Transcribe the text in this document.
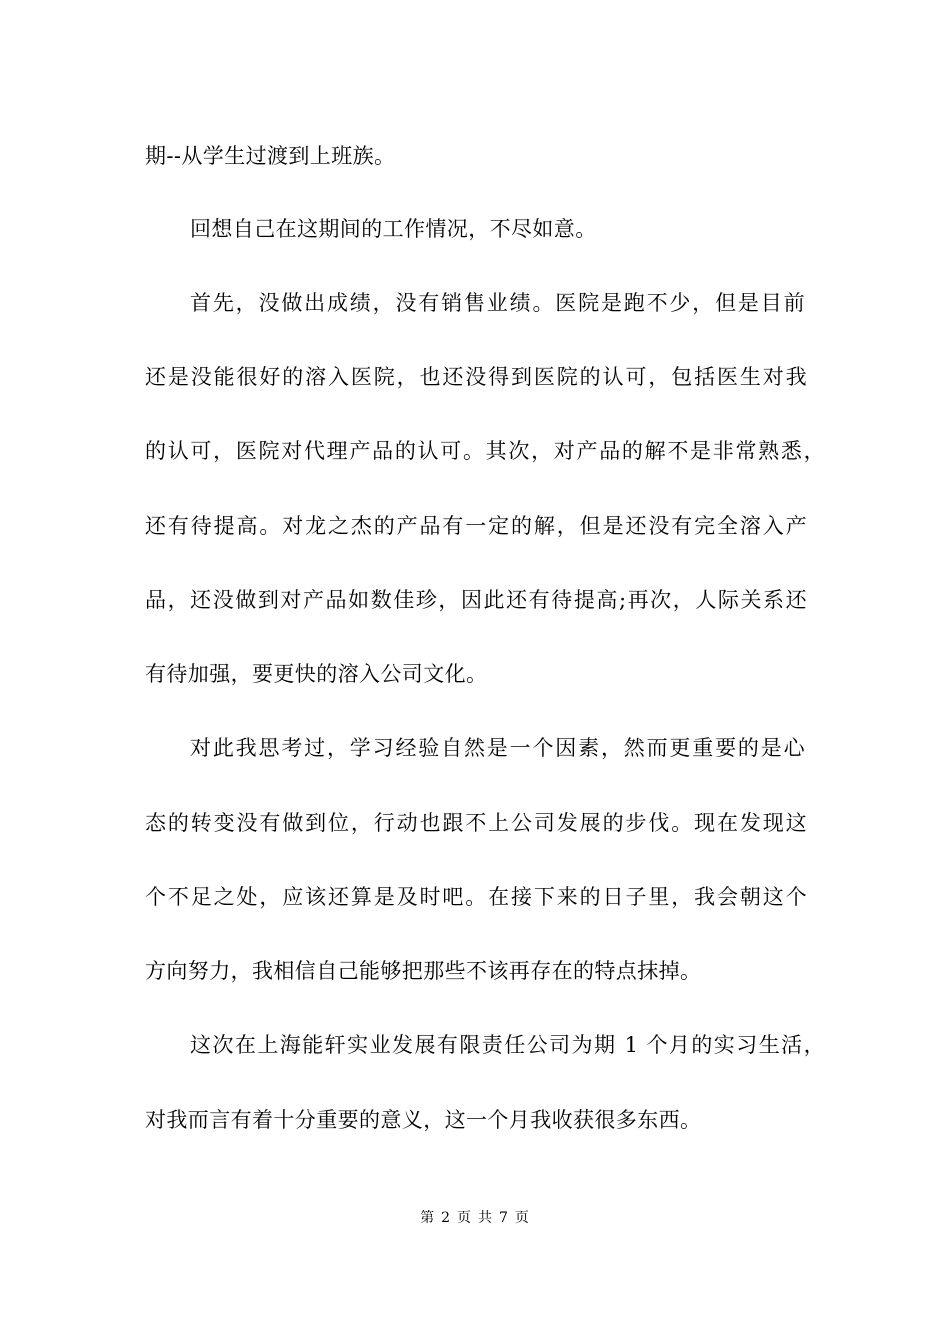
期--从学生过渡到上班族。
回想自己在这期间的工作情况，不尽如意。
首先，没做出成绩，没有销售业绩。医院是跑不少，但是目前
还是没能很好的溶入医院，也还没得到医院的认可，包括医生对我
的认可，医院对代理产品的认可。其次，对产品的解不是非常熟悉，
还有待提高。对龙之杰的产品有一定的解，但是还没有完全溶入产
品，还没做到对产品如数佳珍，因此还有待提高;再次，人际关系还
有待加强，要更快的溶入公司文化。
对此我思考过，学习经验自然是一个因素，然而更重要的是心
态的转变没有做到位，行动也跟不上公司发展的步伐。现在发现这
个不足之处，应该还算是及时吧。在接下来的日子里，我会朝这个
方向努力，我相信自己能够把那些不该再存在的特点抹掉。
这次在上海能轩实业发展有限责任公司为期 1 个月的实习生活，
对我而言有着十分重要的意义，这一个月我收获很多东西。
第 2 页 共 7 页
